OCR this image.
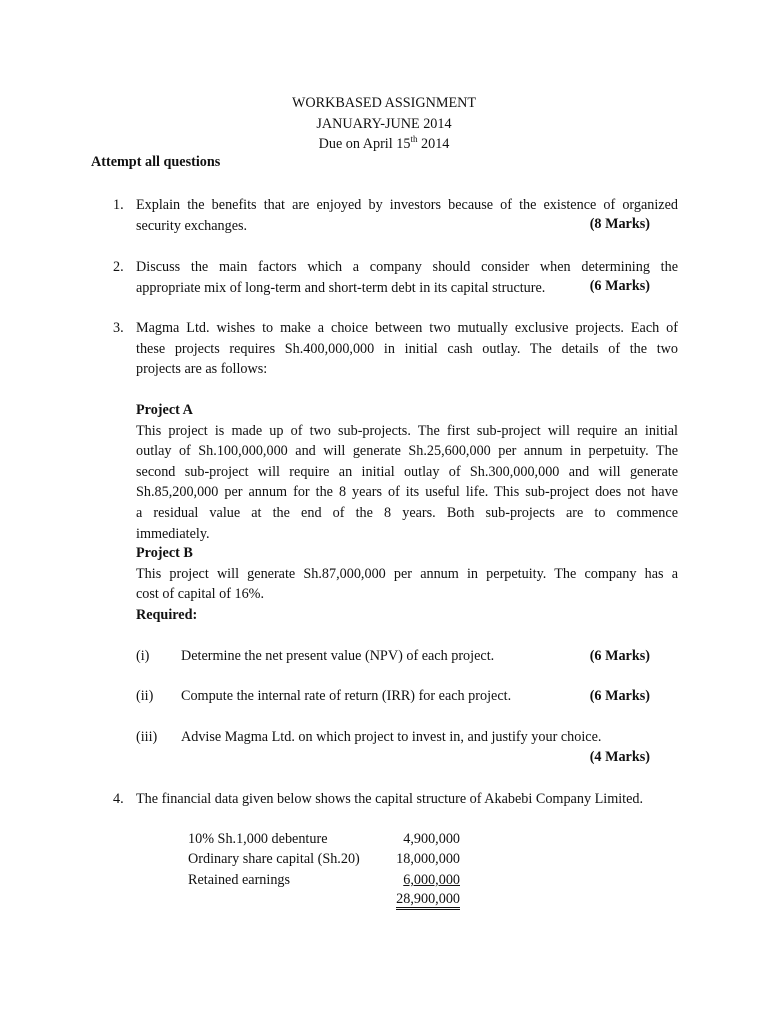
WORKBASED ASSIGNMENT
JANUARY-JUNE 2014
Due on April 15th 2014
Attempt all questions
1. Explain the benefits that are enjoyed by investors because of the existence of organized
security exchanges.	(8 Marks)
2. Discuss the main factors which a company should consider when determining the
appropriate mix of long-term and short-term debt in its capital structure.	(6 Marks)
3. Magma Ltd. wishes to make a choice between two mutually exclusive projects. Each of
these projects requires Sh.400,000,000 in initial cash outlay. The details of the two
projects are as follows:
Project A
This project is made up of two sub-projects. The first sub-project will require an initial
outlay of Sh.100,000,000 and will generate Sh.25,600,000 per annum in perpetuity. The
second sub-project will require an initial outlay of Sh.300,000,000 and will generate
Sh.85,200,000 per annum for the 8 years of its useful life. This sub-project does not have
a residual value at the end of the 8 years. Both sub-projects are to commence
immediately.
Project B
This project will generate Sh.87,000,000 per annum in perpetuity. The company has a
cost of capital of 16%.
Required:
(i) Determine the net present value (NPV) of each project.	(6 Marks)
(ii) Compute the internal rate of return (IRR) for each project.	(6 Marks)
(iii) Advise Magma Ltd. on which project to invest in, and justify your choice.
(4 Marks)
4. The financial data given below shows the capital structure of Akabebi Company Limited.
10% Sh.1,000 debenture	4,900,000
Ordinary share capital (Sh.20)	18,000,000
Retained earnings	6,000,000
28,900,000
